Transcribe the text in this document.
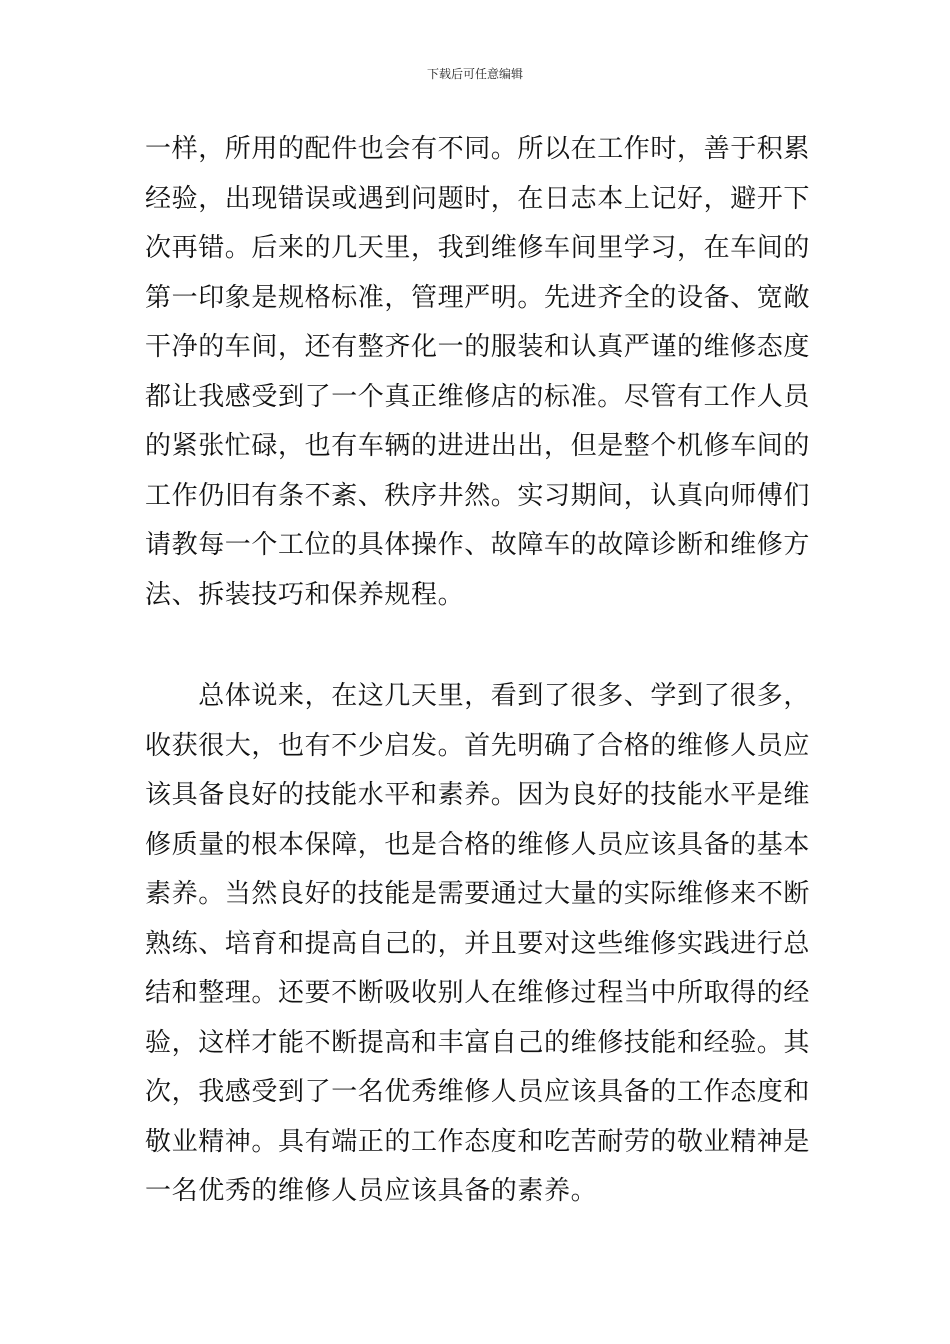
下载后可任意编辑
一样，所用的配件也会有不同。所以在工作时，善于积累
经验，出现错误或遇到问题时，在日志本上记好，避开下
次再错。后来的几天里，我到维修车间里学习，在车间的
第一印象是规格标准，管理严明。先进齐全的设备、宽敞
干净的车间，还有整齐化一的服装和认真严谨的维修态度
都让我感受到了一个真正维修店的标准。尽管有工作人员
的紧张忙碌，也有车辆的进进出出，但是整个机修车间的
工作仍旧有条不紊、秩序井然。实习期间，认真向师傅们
请教每一个工位的具体操作、故障车的故障诊断和维修方
法、拆装技巧和保养规程。
　　总体说来，在这几天里，看到了很多、学到了很多，
收获很大，也有不少启发。首先明确了合格的维修人员应
该具备良好的技能水平和素养。因为良好的技能水平是维
修质量的根本保障，也是合格的维修人员应该具备的基本
素养。当然良好的技能是需要通过大量的实际维修来不断
熟练、培育和提高自己的，并且要对这些维修实践进行总
结和整理。还要不断吸收别人在维修过程当中所取得的经
验，这样才能不断提高和丰富自己的维修技能和经验。其
次，我感受到了一名优秀维修人员应该具备的工作态度和
敬业精神。具有端正的工作态度和吃苦耐劳的敬业精神是
一名优秀的维修人员应该具备的素养。
